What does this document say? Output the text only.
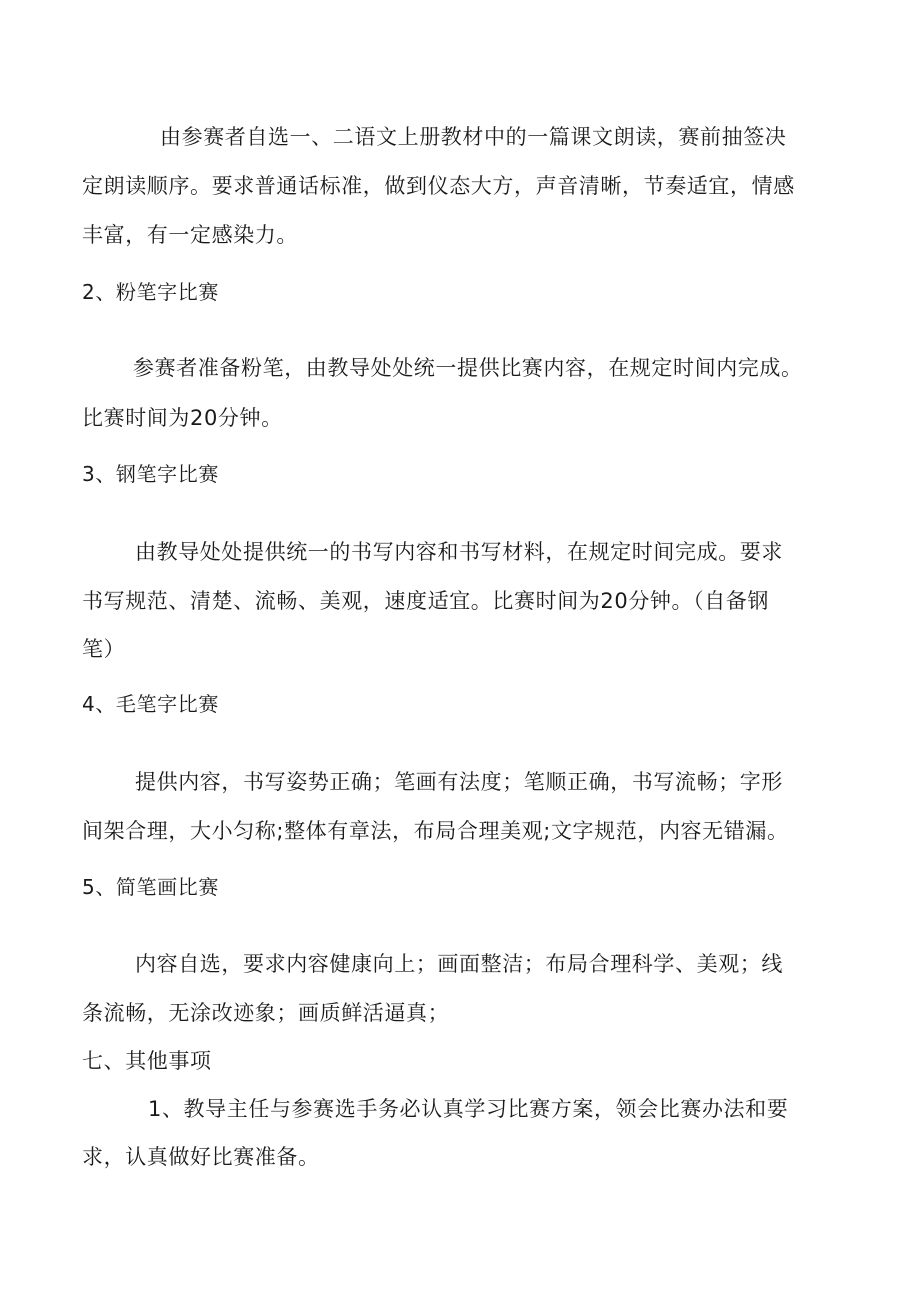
由参赛者自选一、二语文上册教材中的一篇课文朗读，赛前抽签决
定朗读顺序。要求普通话标准，做到仪态大方，声音清晰，节奏适宜，情感
丰富，有一定感染力。
2、粉笔字比赛
参赛者准备粉笔，由教导处处统一提供比赛内容，在规定时间内完成。
比赛时间为20分钟。
3、钢笔字比赛
由教导处处提供统一的书写内容和书写材料，在规定时间完成。要求
书写规范、清楚、流畅、美观，速度适宜。比赛时间为20分钟。（自备钢
笔）
4、毛笔字比赛
提供内容，书写姿势正确；笔画有法度；笔顺正确，书写流畅；字形
间架合理，大小匀称;整体有章法，布局合理美观;文字规范，内容无错漏。
5、简笔画比赛
内容自选，要求内容健康向上；画面整洁；布局合理科学、美观；线
条流畅，无涂改迹象；画质鲜活逼真；
七、其他事项
1、教导主任与参赛选手务必认真学习比赛方案，领会比赛办法和要
求，认真做好比赛准备。
